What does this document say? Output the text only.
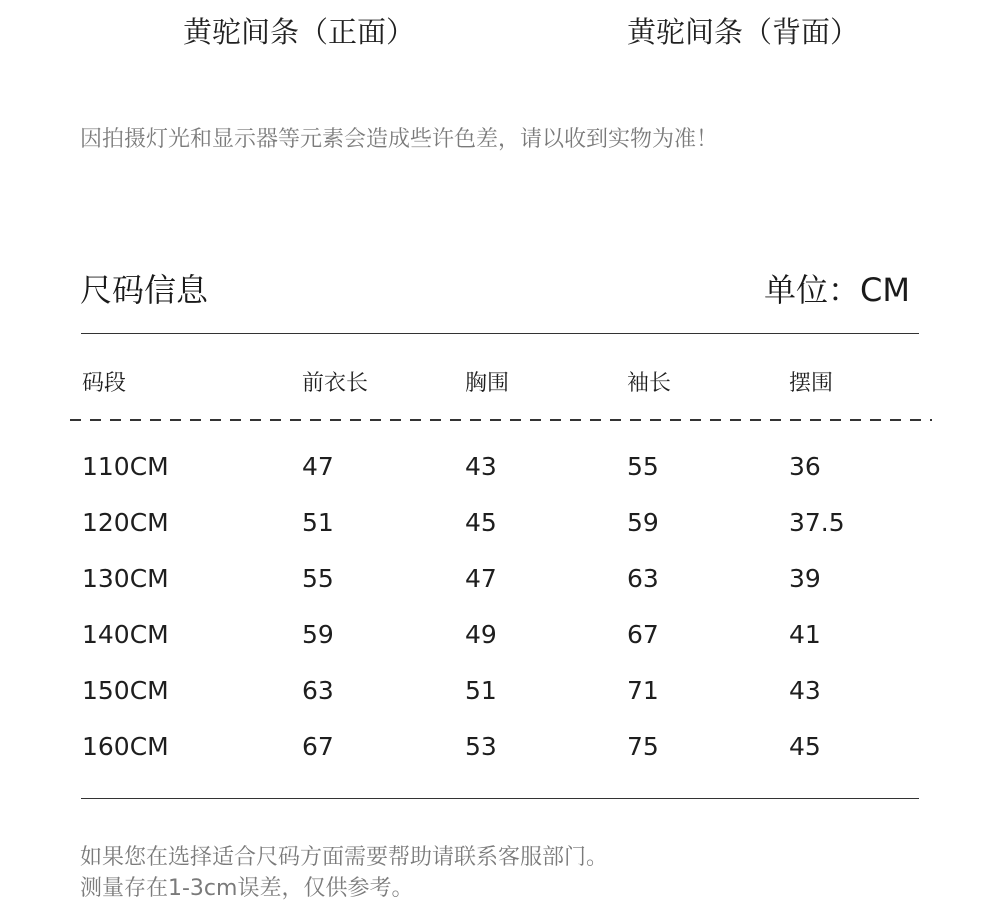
黄驼间条（正面）	黄驼间条（背面）
因拍摄灯光和显示器等元素会造成些许色差，请以收到实物为准！
尺码信息	单位：CM
码段	前衣长	胸围	袖长	摆围
110CM	47	43	55	36
120CM	51	45	59	37.5
130CM	55	47	63	39
140CM	59	49	67	41
150CM	63	51	71	43
160CM	67	53	75	45
如果您在选择适合尺码方面需要帮助请联系客服部门。
测量存在1-3cm误差，仅供参考。
